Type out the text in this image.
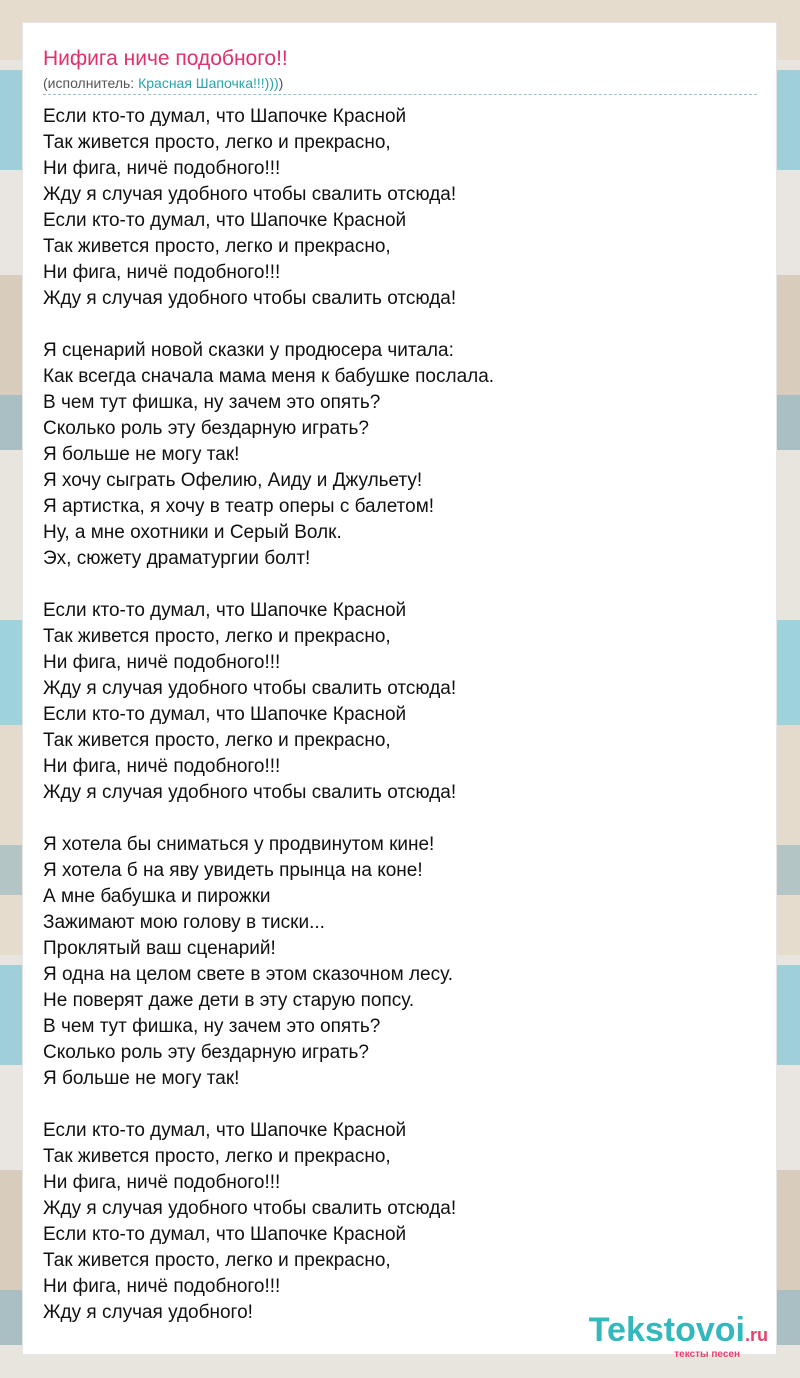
Нифига ниче подобного!!
(исполнитель: Красная Шапочка!!!))))
Если кто-то думал, что Шапочке Красной
Так живется просто, легко и прекрасно,
Ни фига, ничё подобного!!!
Жду я случая удобного чтобы свалить отсюда!
Если кто-то думал, что Шапочке Красной
Так живется просто, легко и прекрасно,
Ни фига, ничё подобного!!!
Жду я случая удобного чтобы свалить отсюда!
Я сценарий новой сказки у продюсера читала:
Как всегда сначала мама меня к бабушке послала.
В чем тут фишка, ну зачем это опять?
Сколько роль эту бездарную играть?
Я больше не могу так!
Я хочу сыграть Офелию, Аиду и Джульету!
Я артистка, я хочу в театр оперы с балетом!
Ну, а мне охотники и Серый Волк.
Эх, сюжету драматургии болт!
Если кто-то думал, что Шапочке Красной
Так живется просто, легко и прекрасно,
Ни фига, ничё подобного!!!
Жду я случая удобного чтобы свалить отсюда!
Если кто-то думал, что Шапочке Красной
Так живется просто, легко и прекрасно,
Ни фига, ничё подобного!!!
Жду я случая удобного чтобы свалить отсюда!
Я хотела бы сниматься у продвинутом кине!
Я хотела б на яву увидеть прынца на коне!
А мне бабушка и пирожки
Зажимают мою голову в тиски...
Проклятый ваш сценарий!
Я одна на целом свете в этом сказочном лесу.
Не поверят даже дети в эту старую попсу.
В чем тут фишка, ну зачем это опять?
Сколько роль эту бездарную играть?
Я больше не могу так!
Если кто-то думал, что Шапочке Красной
Так живется просто, легко и прекрасно,
Ни фига, ничё подобного!!!
Жду я случая удобного чтобы свалить отсюда!
Если кто-то думал, что Шапочке Красной
Так живется просто, легко и прекрасно,
Ни фига, ничё подобного!!!
Жду я случая удобного!	Tekstovoi.ru
тексты песен
